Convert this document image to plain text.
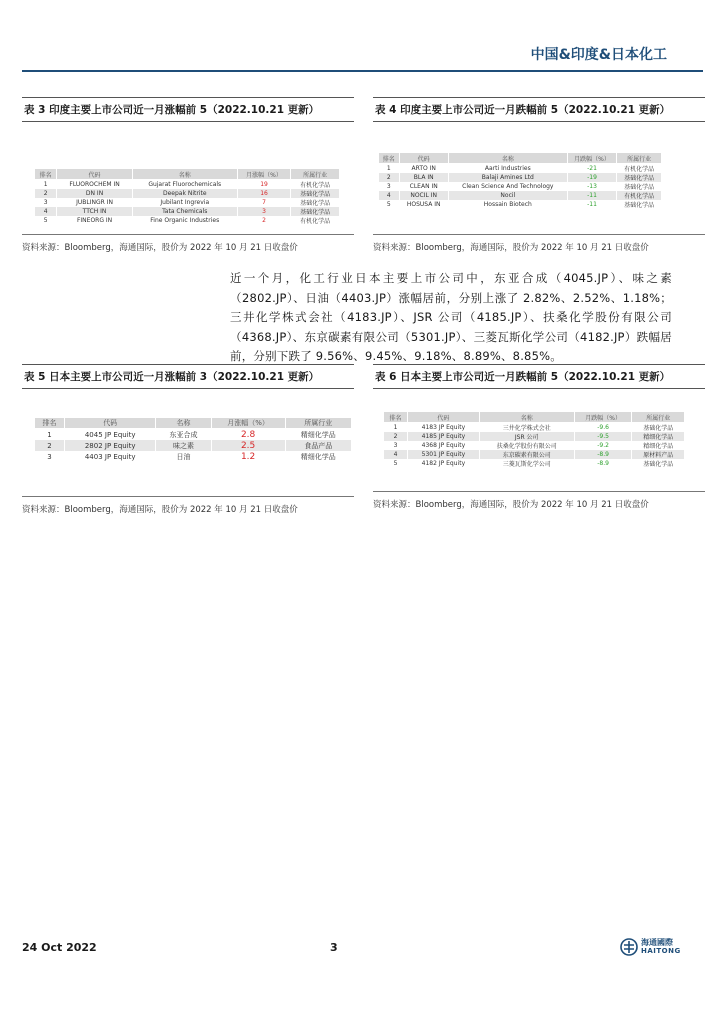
中国&印度&日本化工
表 3 印度主要上市公司近一月涨幅前 5（2022.10.21 更新）
排名	代码	名称	月涨幅（%）	所属行业
1	FLUOROCHEM IN	Gujarat Fluorochemicals	19	有机化学品
2	DN IN	Deepak Nitrite	16	基础化学品
3	JUBLINGR IN	Jubilant Ingrevia	7	基础化学品
4	TTCH IN	Tata Chemicals	3	基础化学品
5	FINEORG IN	Fine Organic Industries	2	有机化学品
资料来源：Bloomberg，海通国际，股价为 2022 年 10 月 21 日收盘价
表 4 印度主要上市公司近一月跌幅前 5（2022.10.21 更新）
排名	代码	名称	月跌幅（%）	所属行业
1	ARTO IN	Aarti Industries	-21	有机化学品
2	BLA IN	Balaji Amines Ltd	-19	基础化学品
3	CLEAN IN	Clean Science And Technology	-13	基础化学品
4	NOCIL IN	Nocil	-11	有机化学品
5	HOSUSA IN	Hossain Biotech	-11	基础化学品
资料来源：Bloomberg，海通国际，股价为 2022 年 10 月 21 日收盘价
近一个月，化工行业日本主要上市公司中，东亚合成（4045.JP）、味之素（2802.JP）、日油（4403.JP）涨幅居前，分别上涨了 2.82%、2.52%、1.18%；三井化学株式会社（4183.JP）、JSR 公司（4185.JP）、扶桑化学股份有限公司（4368.JP）、东京碳素有限公司（5301.JP）、三菱瓦斯化学公司（4182.JP）跌幅居前，分别下跌了 9.56%、9.45%、9.18%、8.89%、8.85%。
表 5 日本主要上市公司近一月涨幅前 3（2022.10.21 更新）
排名	代码	名称	月涨幅（%）	所属行业
1	4045 JP Equity	东亚合成	2.8	精细化学品
2	2802 JP Equity	味之素	2.5	食品产品
3	4403 JP Equity	日油	1.2	精细化学品
资料来源：Bloomberg，海通国际，股价为 2022 年 10 月 21 日收盘价
表 6 日本主要上市公司近一月跌幅前 5（2022.10.21 更新）
排名	代码	名称	月跌幅（%）	所属行业
1	4183 JP Equity	三井化学株式会社	-9.6	基础化学品
2	4185 JP Equity	JSR 公司	-9.5	精细化学品
3	4368 JP Equity	扶桑化学股份有限公司	-9.2	精细化学品
4	5301 JP Equity	东京碳素有限公司	-8.9	原材料产品
5	4182 JP Equity	三菱瓦斯化学公司	-8.9	基础化学品
资料来源：Bloomberg，海通国际，股价为 2022 年 10 月 21 日收盘价
24 Oct 2022	3	海通國際
HAITONG
